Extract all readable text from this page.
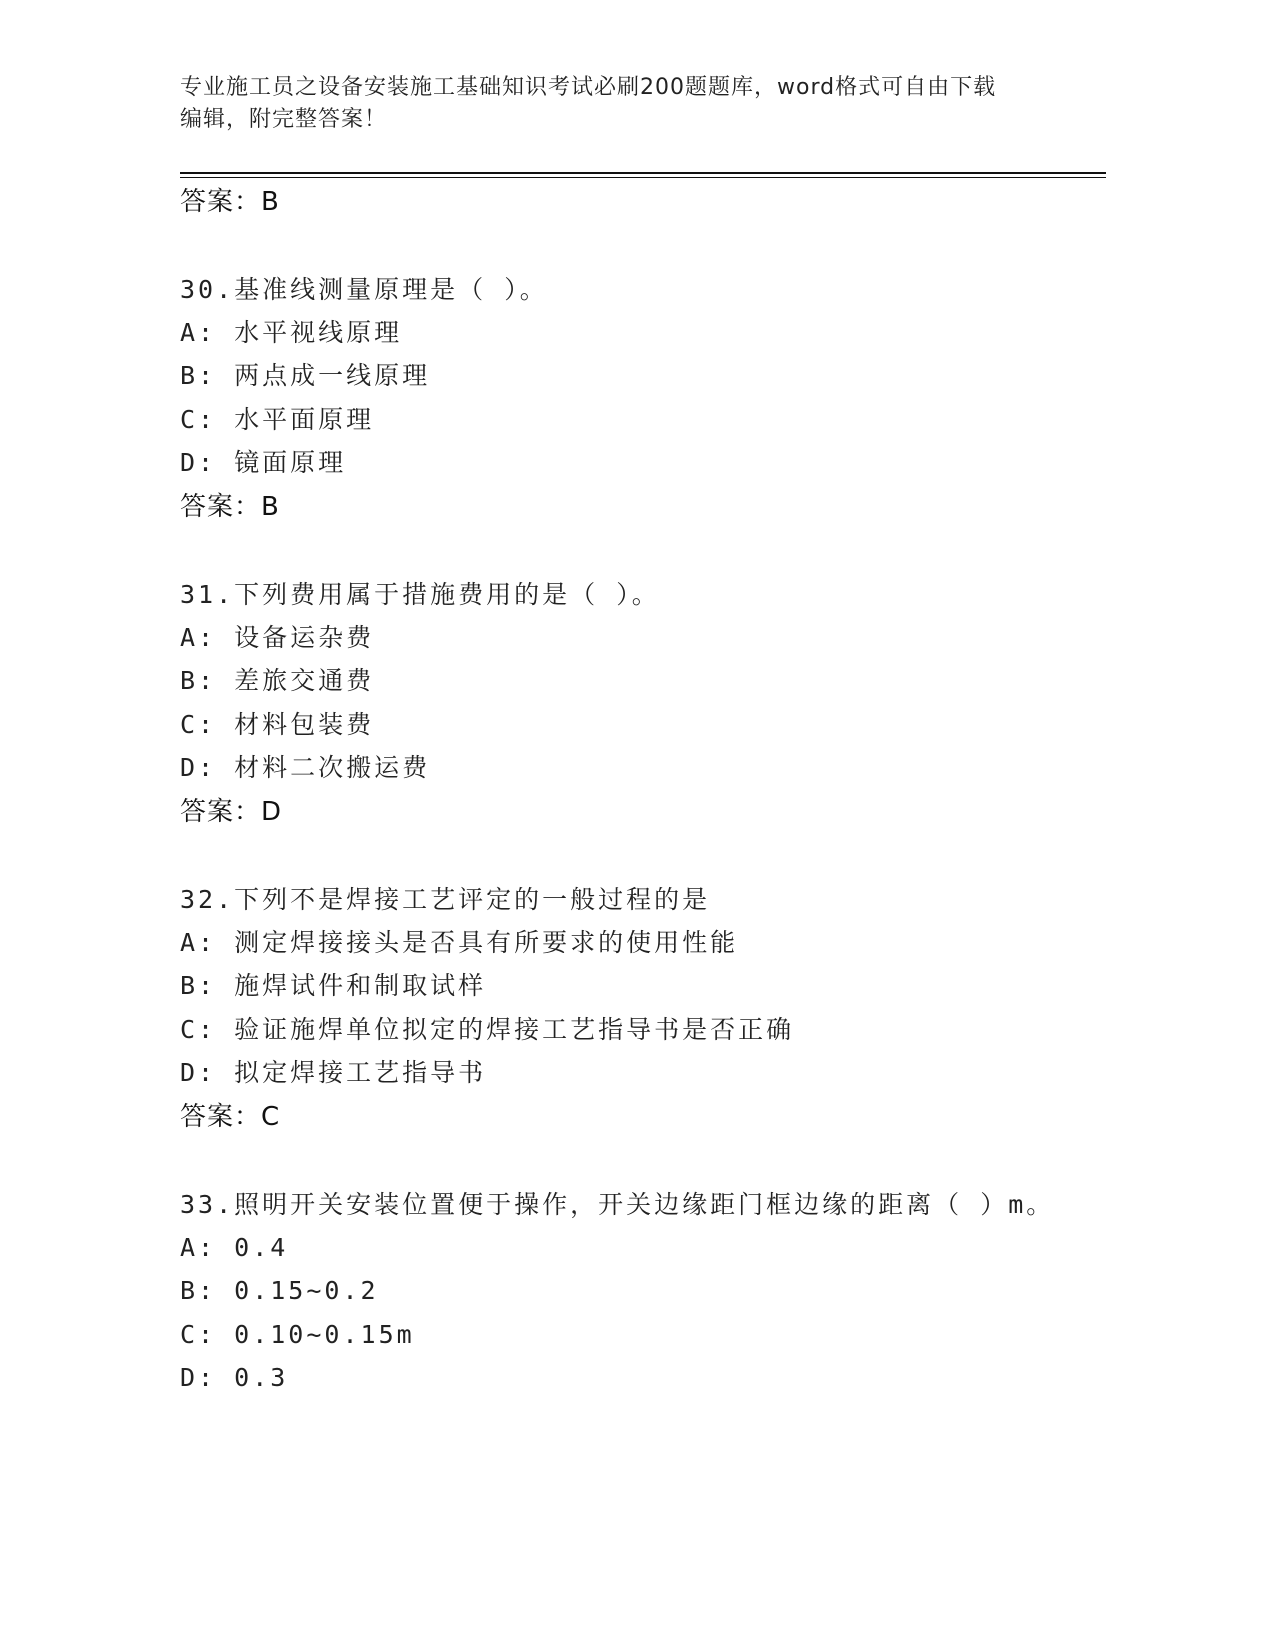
专业施工员之设备安装施工基础知识考试必刷200题题库，word格式可自由下载
编辑，附完整答案！
答案：B
30.基准线测量原理是（ ）。
A: 水平视线原理
B: 两点成一线原理
C: 水平面原理
D: 镜面原理
答案：B
31.下列费用属于措施费用的是（ ）。
A: 设备运杂费
B: 差旅交通费
C: 材料包装费
D: 材料二次搬运费
答案：D
32.下列不是焊接工艺评定的一般过程的是
A: 测定焊接接头是否具有所要求的使用性能
B: 施焊试件和制取试样
C: 验证施焊单位拟定的焊接工艺指导书是否正确
D: 拟定焊接工艺指导书
答案：C
33.照明开关安装位置便于操作，开关边缘距门框边缘的距离（ ）m。
A: 0.4
B: 0.15~0.2
C: 0.10~0.15m
D: 0.3
